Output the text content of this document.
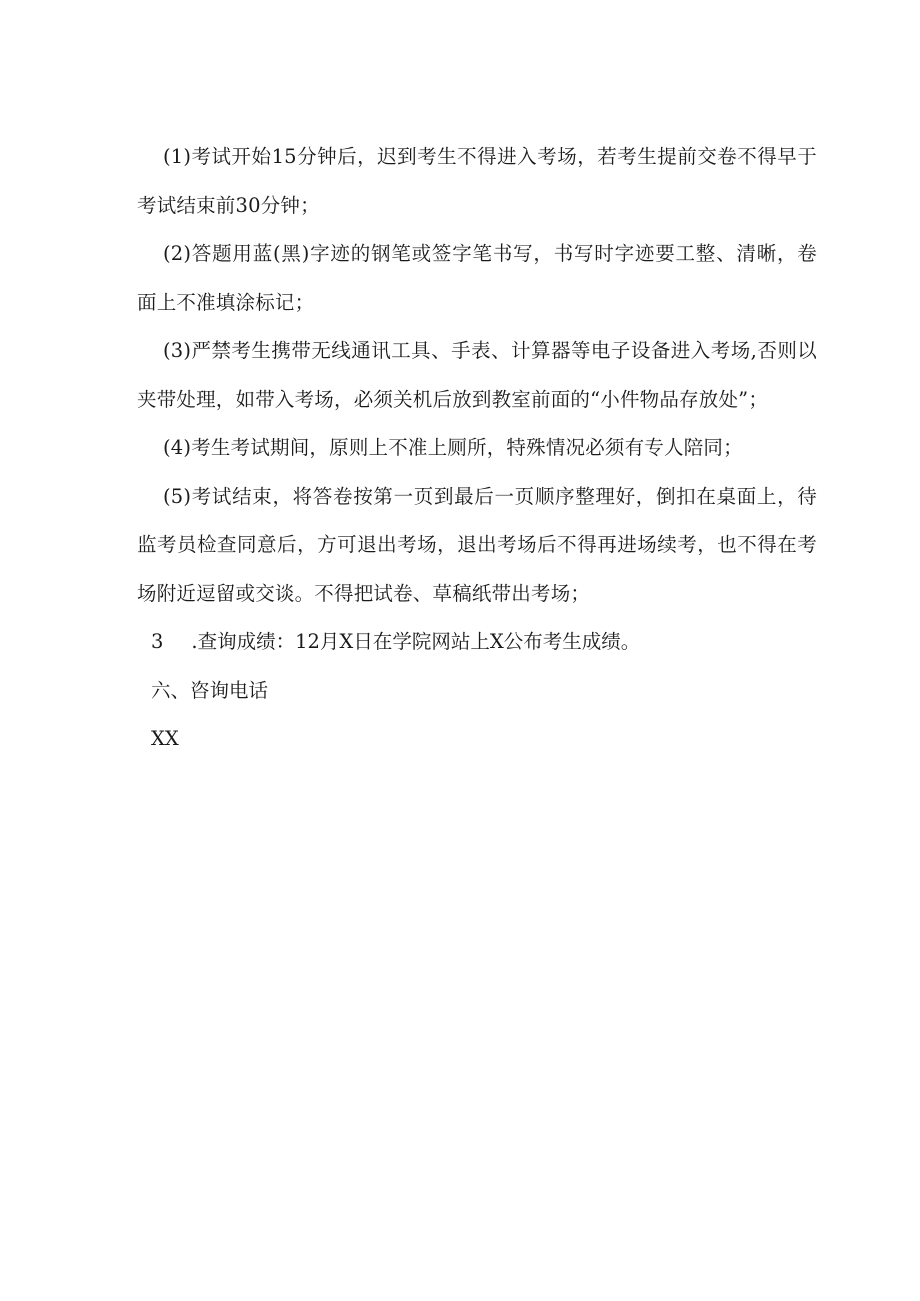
(1)考试开始15分钟后，迟到考生不得进入考场，若考生提前交卷不得早于考试结束前30分钟；

(2)答题用蓝(黑)字迹的钢笔或签字笔书写，书写时字迹要工整、清晰，卷面上不准填涂标记；

(3)严禁考生携带无线通讯工具、手表、计算器等电子设备进入考场,否则以夹带处理，如带入考场，必须关机后放到教室前面的“小件物品存放处”；

(4)考生考试期间，原则上不准上厕所，特殊情况必须有专人陪同；

(5)考试结束，将答卷按第一页到最后一页顺序整理好，倒扣在桌面上，待监考员检查同意后，方可退出考场，退出考场后不得再进场续考，也不得在考场附近逗留或交谈。不得把试卷、草稿纸带出考场；

3 .查询成绩：12月X日在学院网站上X公布考生成绩。

六、咨询电话

XX
